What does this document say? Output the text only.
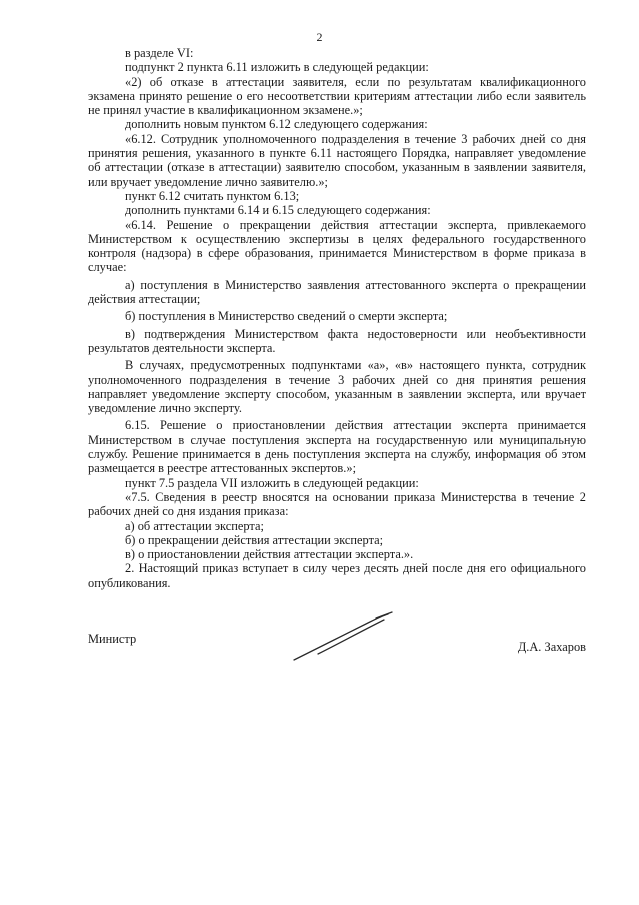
2

в разделе VI:

подпункт 2 пункта 6.11 изложить в следующей редакции:

«2) об отказе в аттестации заявителя, если по результатам квалификационного экзамена принято решение о его несоответствии критериям аттестации либо если заявитель не принял участие в квалификационном экзамене.»;

дополнить новым пунктом 6.12 следующего содержания:

«6.12. Сотрудник уполномоченного подразделения в течение 3 рабочих дней со дня принятия решения, указанного в пункте 6.11 настоящего Порядка, направляет уведомление об аттестации (отказе в аттестации) заявителю способом, указанным в заявлении заявителя, или вручает уведомление лично заявителю.»;

пункт 6.12 считать пунктом 6.13;

дополнить пунктами 6.14 и 6.15 следующего содержания:

«6.14. Решение о прекращении действия аттестации эксперта, привлекаемого Министерством к осуществлению экспертизы в целях федерального государственного контроля (надзора) в сфере образования, принимается Министерством в форме приказа в случае:

а) поступления в Министерство заявления аттестованного эксперта о прекращении действия аттестации;

б) поступления в Министерство сведений о смерти эксперта;

в) подтверждения Министерством факта недостоверности или необъективности результатов деятельности эксперта.

В случаях, предусмотренных подпунктами «а», «в» настоящего пункта, сотрудник уполномоченного подразделения в течение 3 рабочих дней со дня принятия решения направляет уведомление эксперту способом, указанным в заявлении эксперта, или вручает уведомление лично эксперту.

6.15. Решение о приостановлении действия аттестации эксперта принимается Министерством в случае поступления эксперта на государственную или муниципальную службу. Решение принимается в день поступления эксперта на службу, информация об этом размещается в реестре аттестованных экспертов.»;

пункт 7.5 раздела VII изложить в следующей редакции:

«7.5. Сведения в реестр вносятся на основании приказа Министерства в течение 2 рабочих дней со дня издания приказа:

а) об аттестации эксперта;

б) о прекращении действия аттестации эксперта;

в) о приостановлении действия аттестации эксперта.».

2. Настоящий приказ вступает в силу через десять дней после дня его официального опубликования.

Министр
Д.А. Захаров
